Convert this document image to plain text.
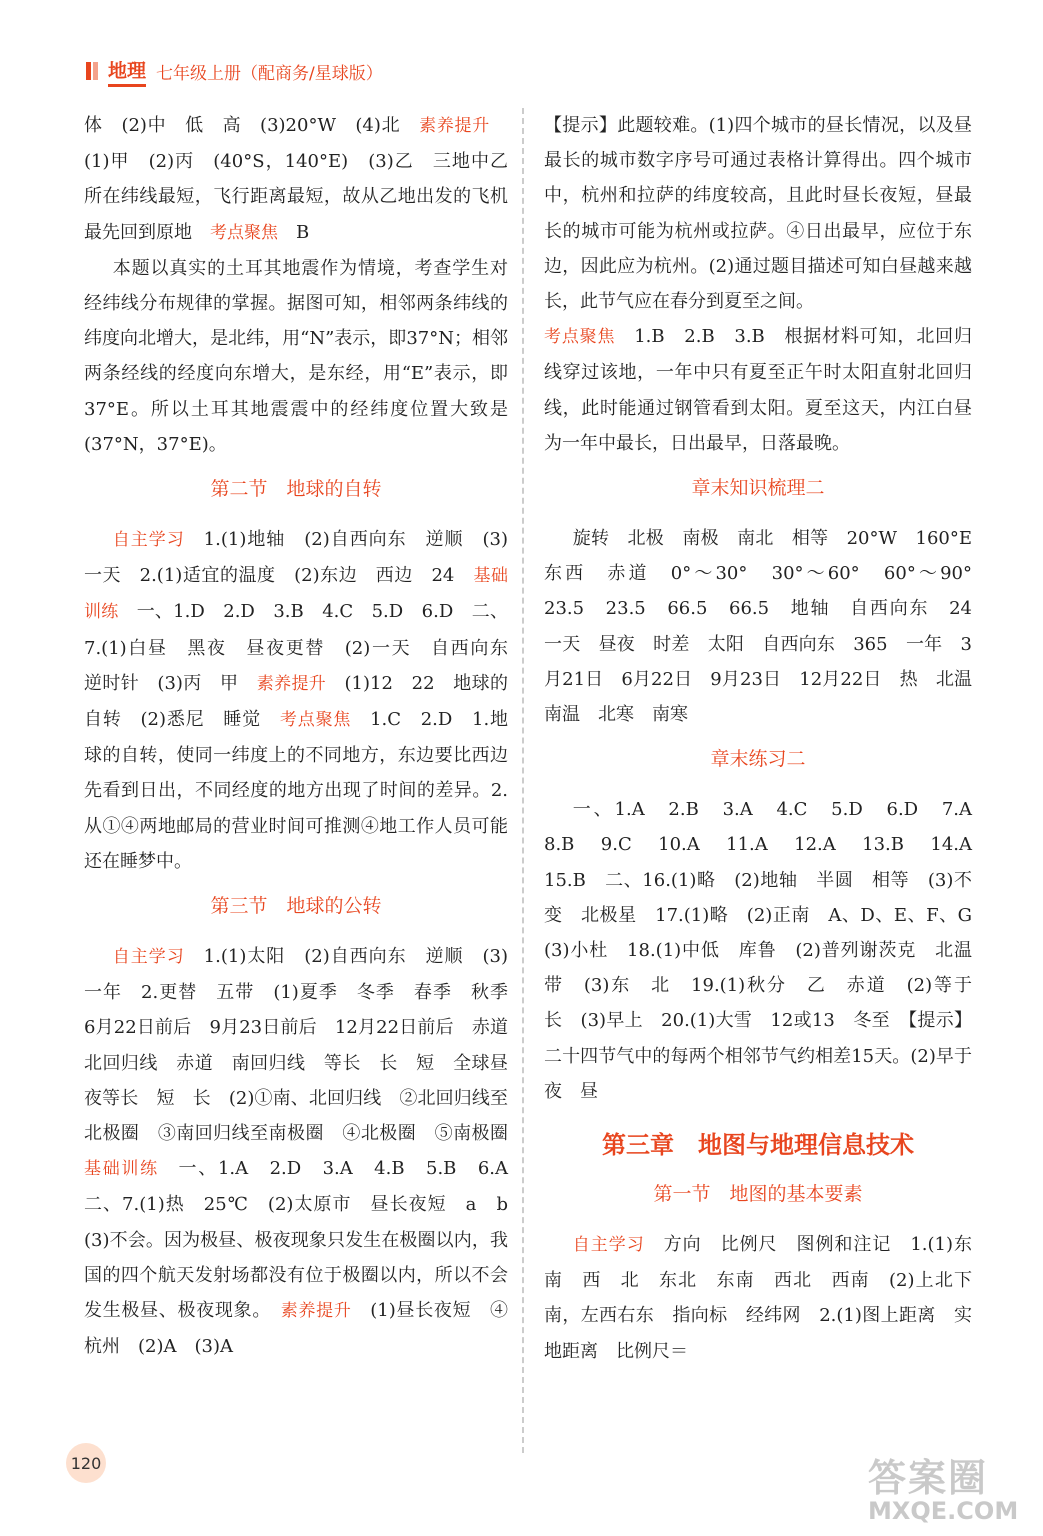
地理 七年级上册（配商务/星球版）

体　(2)中　低　高　(3)20°W　(4)北　素养提升　(1)甲　(2)丙　(40°S，140°E)　(3)乙　三地中乙所在纬线最短，飞行距离最短，故从乙地出发的飞机最先回到原地　考点聚焦　B

本题以真实的土耳其地震作为情境，考查学生对经纬线分布规律的掌握。据图可知，相邻两条纬线的纬度向北增大，是北纬，用“N”表示，即37°N；相邻两条经线的经度向东增大，是东经，用“E”表示，即37°E。所以土耳其地震震中的经纬度位置大致是(37°N，37°E)。

第二节　地球的自转

自主学习　1.(1)地轴　(2)自西向东　逆顺　(3)一天　2.(1)适宜的温度　(2)东边　西边　24　基础训练　一、1.D　2.D　3.B　4.C　5.D　6.D　二、7.(1)白昼　黑夜　昼夜更替　(2)一天　自西向东　逆时针　(3)丙　甲　素养提升　(1)12　22　地球的自转　(2)悉尼　睡觉　考点聚焦　1.C　2.D　1.地球的自转，使同一纬度上的不同地方，东边要比西边先看到日出，不同经度的地方出现了时间的差异。2.从①④两地邮局的营业时间可推测④地工作人员可能还在睡梦中。

第三节　地球的公转

自主学习　1.(1)太阳　(2)自西向东　逆顺　(3)一年　2.更替　五带　(1)夏季　冬季　春季　秋季　6月22日前后　9月23日前后　12月22日前后　赤道　北回归线　赤道　南回归线　等长　长　短　全球昼夜等长　短　长　(2)①南、北回归线　②北回归线至北极圈　③南回归线至南极圈　④北极圈　⑤南极圈　基础训练　一、1.A　2.D　3.A　4.B　5.B　6.A　二、7.(1)热　25℃　(2)太原市　昼长夜短　a　b　(3)不会。因为极昼、极夜现象只发生在极圈以内，我国的四个航天发射场都没有位于极圈以内，所以不会发生极昼、极夜现象。　素养提升　(1)昼长夜短　④　杭州　(2)A　(3)A

【提示】此题较难。(1)四个城市的昼长情况，以及昼最长的城市数字序号可通过表格计算得出。四个城市中，杭州和拉萨的纬度较高，且此时昼长夜短，昼最长的城市可能为杭州或拉萨。④日出最早，应位于东边，因此应为杭州。(2)通过题目描述可知白昼越来越长，此节气应在春分到夏至之间。

考点聚焦　1.B　2.B　3.B　根据材料可知，北回归线穿过该地，一年中只有夏至正午时太阳直射北回归线，此时能通过钢管看到太阳。夏至这天，内江白昼为一年中最长，日出最早，日落最晚。

章末知识梳理二

旋转　北极　南极　南北　相等　20°W　160°E　东西　赤道　0°～30°　30°～60°　60°～90°　23.5　23.5　66.5　66.5　地轴　自西向东　24　一天　昼夜　时差　太阳　自西向东　365　一年　3月21日　6月22日　9月23日　12月22日　热　北温　南温　北寒　南寒

章末练习二

一、1.A　2.B　3.A　4.C　5.D　6.D　7.A　8.B　9.C　10.A　11.A　12.A　13.B　14.A　15.B　二、16.(1)略　(2)地轴　半圆　相等　(3)不变　北极星　17.(1)略　(2)正南　A、D、E、F、G　(3)小杜　18.(1)中低　库鲁　(2)普列谢茨克　北温带　(3)东　北　19.(1)秋分　乙　赤道　(2)等于　长　(3)早上　20.(1)大雪　12或13　冬至　【提示】二十四节气中的每两个相邻节气约相差15天。(2)早于　夜　昼

第三章　地图与地理信息技术
第一节　地图的基本要素

自主学习　方向　比例尺　图例和注记　1.(1)东　南　西　北　东北　东南　西北　西南　(2)上北下南，左西右东　指向标　经纬网　2.(1)图上距离　实地距离　比例尺＝

120	答案圈
MXQE.COM
